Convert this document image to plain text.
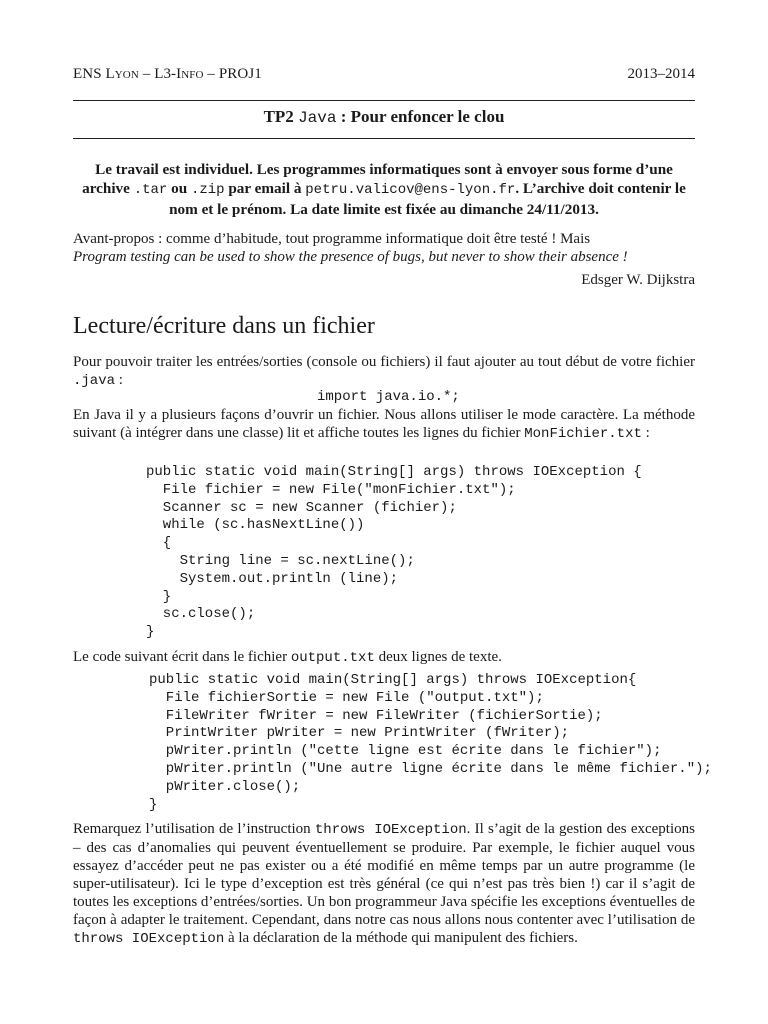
ENS Lyon – L3-Info – PROJ1	2013–2014
TP2 Java : Pour enfoncer le clou
Le travail est individuel. Les programmes informatiques sont à envoyer sous forme d’une archive .tar ou .zip par email à petru.valicov@ens-lyon.fr. L’archive doit contenir le nom et le prénom. La date limite est fixée au dimanche 24/11/2013.
Avant-propos : comme d’habitude, tout programme informatique doit être testé ! Mais
Program testing can be used to show the presence of bugs, but never to show their absence !
Edsger W. Dijkstra
Lecture/écriture dans un fichier
Pour pouvoir traiter les entrées/sorties (console ou fichiers) il faut ajouter au tout début de votre fichier .java :
import java.io.*;
En Java il y a plusieurs façons d’ouvrir un fichier. Nous allons utiliser le mode caractère. La méthode suivant (à intégrer dans une classe) lit et affiche toutes les lignes du fichier MonFichier.txt :
public static void main(String[] args) throws IOException {
File fichier = new File("monFichier.txt");
Scanner sc = new Scanner (fichier);
while (sc.hasNextLine())
{
String line = sc.nextLine();
System.out.println (line);
}
sc.close();
}
Le code suivant écrit dans le fichier output.txt deux lignes de texte.
public static void main(String[] args) throws IOException{
File fichierSortie = new File ("output.txt");
FileWriter fWriter = new FileWriter (fichierSortie);
PrintWriter pWriter = new PrintWriter (fWriter);
pWriter.println ("cette ligne est écrite dans le fichier");
pWriter.println ("Une autre ligne écrite dans le même fichier.");
pWriter.close();
}
Remarquez l’utilisation de l’instruction throws IOException. Il s’agit de la gestion des exceptions – des cas d’anomalies qui peuvent éventuellement se produire. Par exemple, le fichier auquel vous essayez d’accéder peut ne pas exister ou a été modifié en même temps par un autre programme (le super-utilisateur). Ici le type d’exception est très général (ce qui n’est pas très bien !) car il s’agit de toutes les exceptions d’entrées/sorties. Un bon programmeur Java spécifie les exceptions éventuelles de façon à adapter le traitement. Cependant, dans notre cas nous allons nous contenter avec l’utilisation de throws IOException à la déclaration de la méthode qui manipulent des fichiers.
